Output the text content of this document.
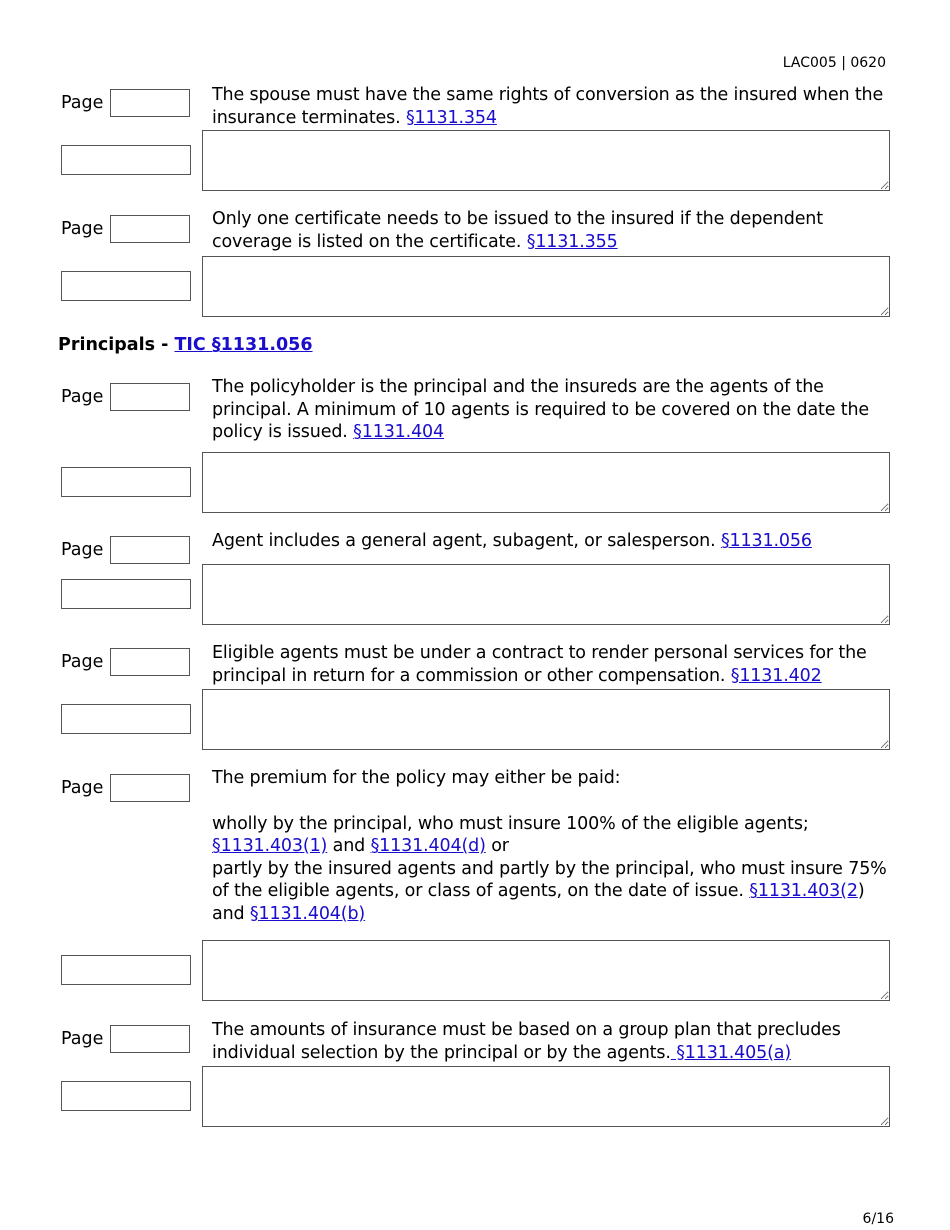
LAC005 | 0620
Page	The spouse must have the same rights of conversion as the insured when the insurance terminates. §1131.354
Page	Only one certificate needs to be issued to the insured if the dependent coverage is listed on the certificate. §1131.355
Principals - TIC §1131.056
Page	The policyholder is the principal and the insureds are the agents of the principal. A minimum of 10 agents is required to be covered on the date the policy is issued. §1131.404
Page	Agent includes a general agent, subagent, or salesperson. §1131.056
Page	Eligible agents must be under a contract to render personal services for the principal in return for a commission or other compensation. §1131.402
Page	The premium for the policy may either be paid:

wholly by the principal, who must insure 100% of the eligible agents; §1131.403(1) and §1131.404(d) or

partly by the insured agents and partly by the principal, who must insure 75% of the eligible agents, or class of agents, on the date of issue. §1131.403(2) and §1131.404(b)

Page	The amounts of insurance must be based on a group plan that precludes individual selection by the principal or by the agents. §1131.405(a)
6/16
